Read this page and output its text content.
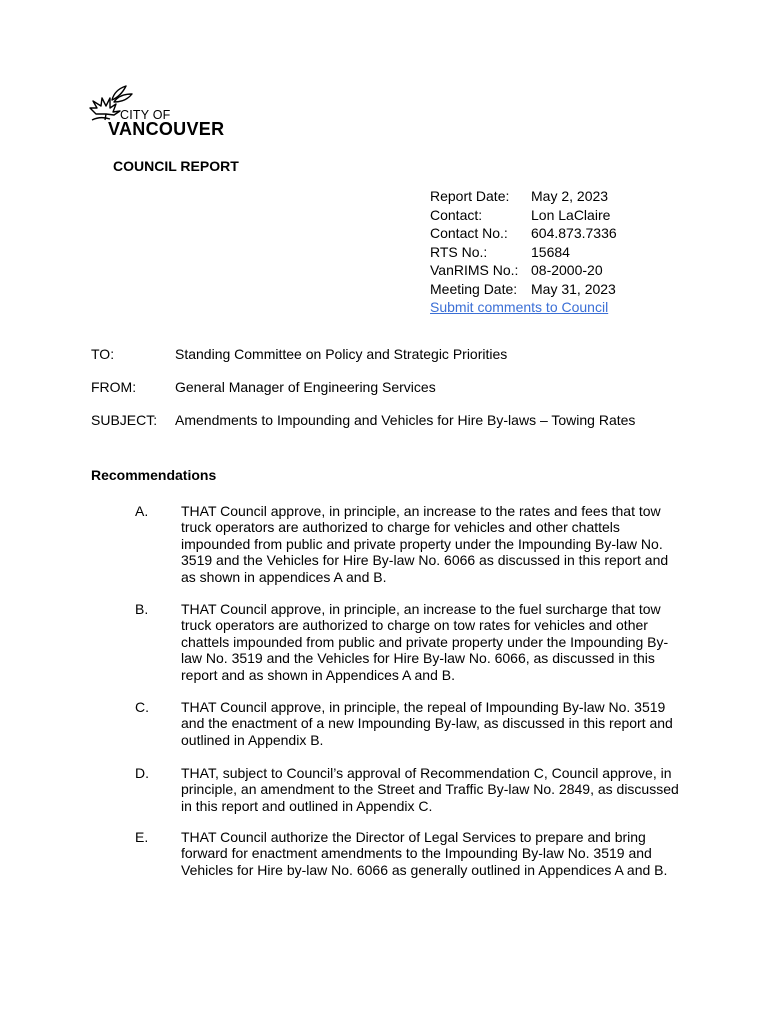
CITY OF
VANCOUVER
COUNCIL REPORT
Report Date:	May 2, 2023
Contact:	Lon LaClaire
Contact No.:	604.873.7336
RTS No.:	15684
VanRIMS No.: 08-2000-20
Meeting Date: May 31, 2023
Submit comments to Council
TO:	Standing Committee on Policy and Strategic Priorities
FROM:	General Manager of Engineering Services
SUBJECT: Amendments to Impounding and Vehicles for Hire By-laws – Towing Rates
Recommendations
A. THAT Council approve, in principle, an increase to the rates and fees that tow
truck operators are authorized to charge for vehicles and other chattels
impounded from public and private property under the Impounding By-law No.
3519 and the Vehicles for Hire By-law No. 6066 as discussed in this report and
as shown in appendices A and B.
B. THAT Council approve, in principle, an increase to the fuel surcharge that tow
truck operators are authorized to charge on tow rates for vehicles and other
chattels impounded from public and private property under the Impounding By-
law No. 3519 and the Vehicles for Hire By-law No. 6066, as discussed in this
report and as shown in Appendices A and B.
C. THAT Council approve, in principle, the repeal of Impounding By-law No. 3519
and the enactment of a new Impounding By-law, as discussed in this report and
outlined in Appendix B.
D. THAT, subject to Council’s approval of Recommendation C, Council approve, in
principle, an amendment to the Street and Traffic By-law No. 2849, as discussed
in this report and outlined in Appendix C.
E. THAT Council authorize the Director of Legal Services to prepare and bring
forward for enactment amendments to the Impounding By-law No. 3519 and
Vehicles for Hire by-law No. 6066 as generally outlined in Appendices A and B.
